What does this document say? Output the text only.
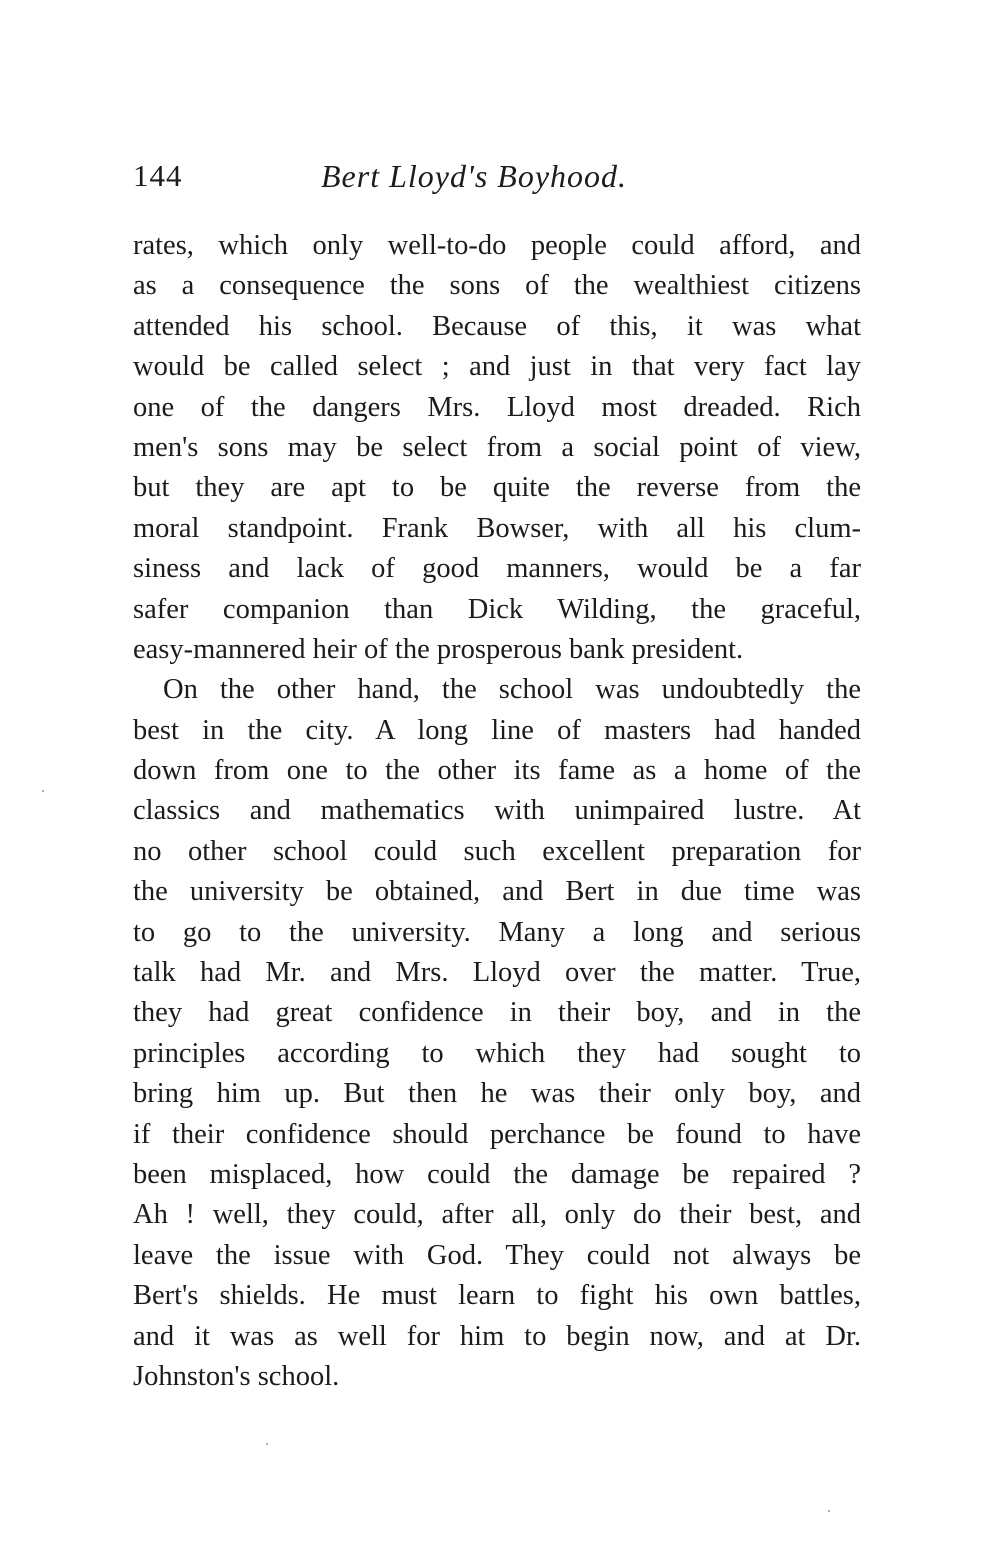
144	Bert Lloyd's Boyhood.
rates, which only well-to-do people could afford, and
as a consequence the sons of the wealthiest citizens
attended his school. Because of this, it was what
would be called select ; and just in that very fact lay
one of the dangers Mrs. Lloyd most dreaded. Rich
men's sons may be select from a social point of view,
but they are apt to be quite the reverse from the
moral standpoint. Frank Bowser, with all his clum-
siness and lack of good manners, would be a far
safer companion than Dick Wilding, the graceful,
easy-mannered heir of the prosperous bank president.
On the other hand, the school was undoubtedly the
best in the city. A long line of masters had handed
down from one to the other its fame as a home of the
classics and mathematics with unimpaired lustre. At
no other school could such excellent preparation for
the university be obtained, and Bert in due time was
to go to the university. Many a long and serious
talk had Mr. and Mrs. Lloyd over the matter. True,
they had great confidence in their boy, and in the
principles according to which they had sought to
bring him up. But then he was their only boy, and
if their confidence should perchance be found to have
been misplaced, how could the damage be repaired ?
Ah ! well, they could, after all, only do their best, and
leave the issue with God. They could not always be
Bert's shields. He must learn to fight his own battles,
and it was as well for him to begin now, and at Dr.
Johnston's school.
